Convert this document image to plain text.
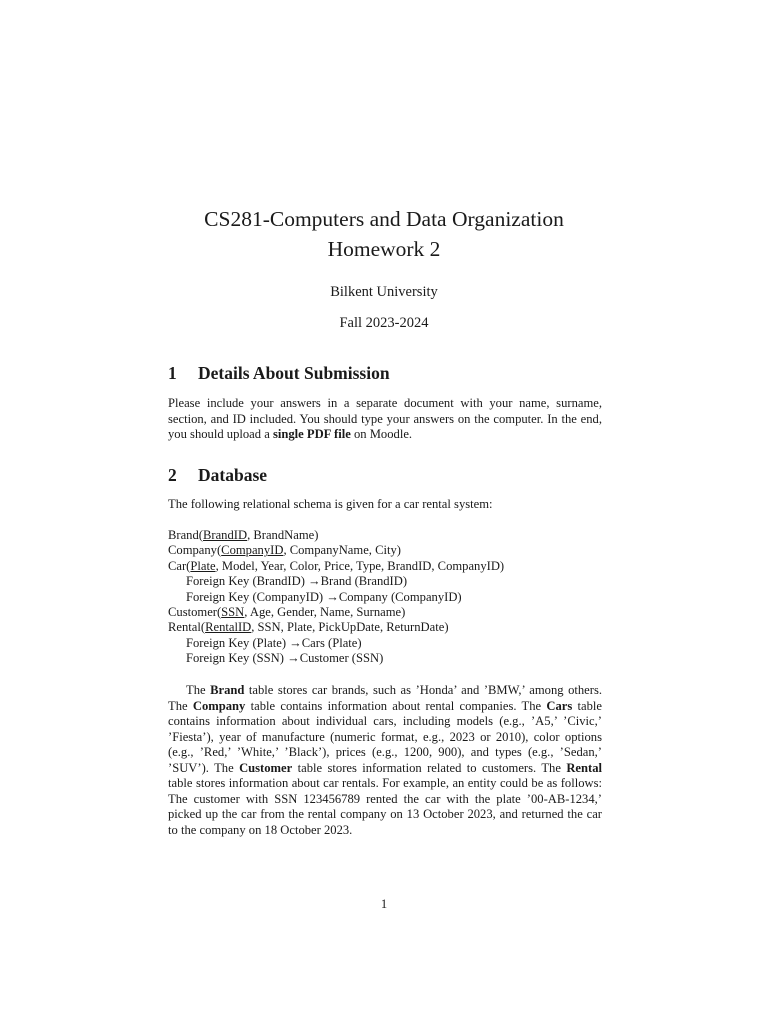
CS281-Computers and Data Organization
Homework 2
Bilkent University
Fall 2023-2024
1 Details About Submission

Please include your answers in a separate document with your name, surname, section, and ID included. You should type your answers on the computer. In the end, you should upload a single PDF file on Moodle.

2 Database

The following relational schema is given for a car rental system:

Brand(BrandID, BrandName)
Company(CompanyID, CompanyName, City)
Car(Plate, Model, Year, Color, Price, Type, BrandID, CompanyID)
Foreign Key (BrandID) →Brand (BrandID)
Foreign Key (CompanyID) →Company (CompanyID)
Customer(SSN, Age, Gender, Name, Surname)
Rental(RentalID, SSN, Plate, PickUpDate, ReturnDate)
Foreign Key (Plate) →Cars (Plate)
Foreign Key (SSN) →Customer (SSN)

The Brand table stores car brands, such as ’Honda’ and ’BMW,’ among others. The Company table contains information about rental companies. The Cars table contains information about individual cars, including models (e.g., ’A5,’ ’Civic,’ ’Fiesta’), year of manufacture (numeric format, e.g., 2023 or 2010), color options (e.g., ’Red,’ ’White,’ ’Black’), prices (e.g., 1200, 900), and types (e.g., ’Sedan,’ ’SUV’). The Customer table stores information related to customers. The Rental table stores information about car rentals. For example, an entity could be as follows: The customer with SSN 123456789 rented the car with the plate ’00-AB-1234,’ picked up the car from the rental company on 13 October 2023, and returned the car to the company on 18 October 2023.

1
